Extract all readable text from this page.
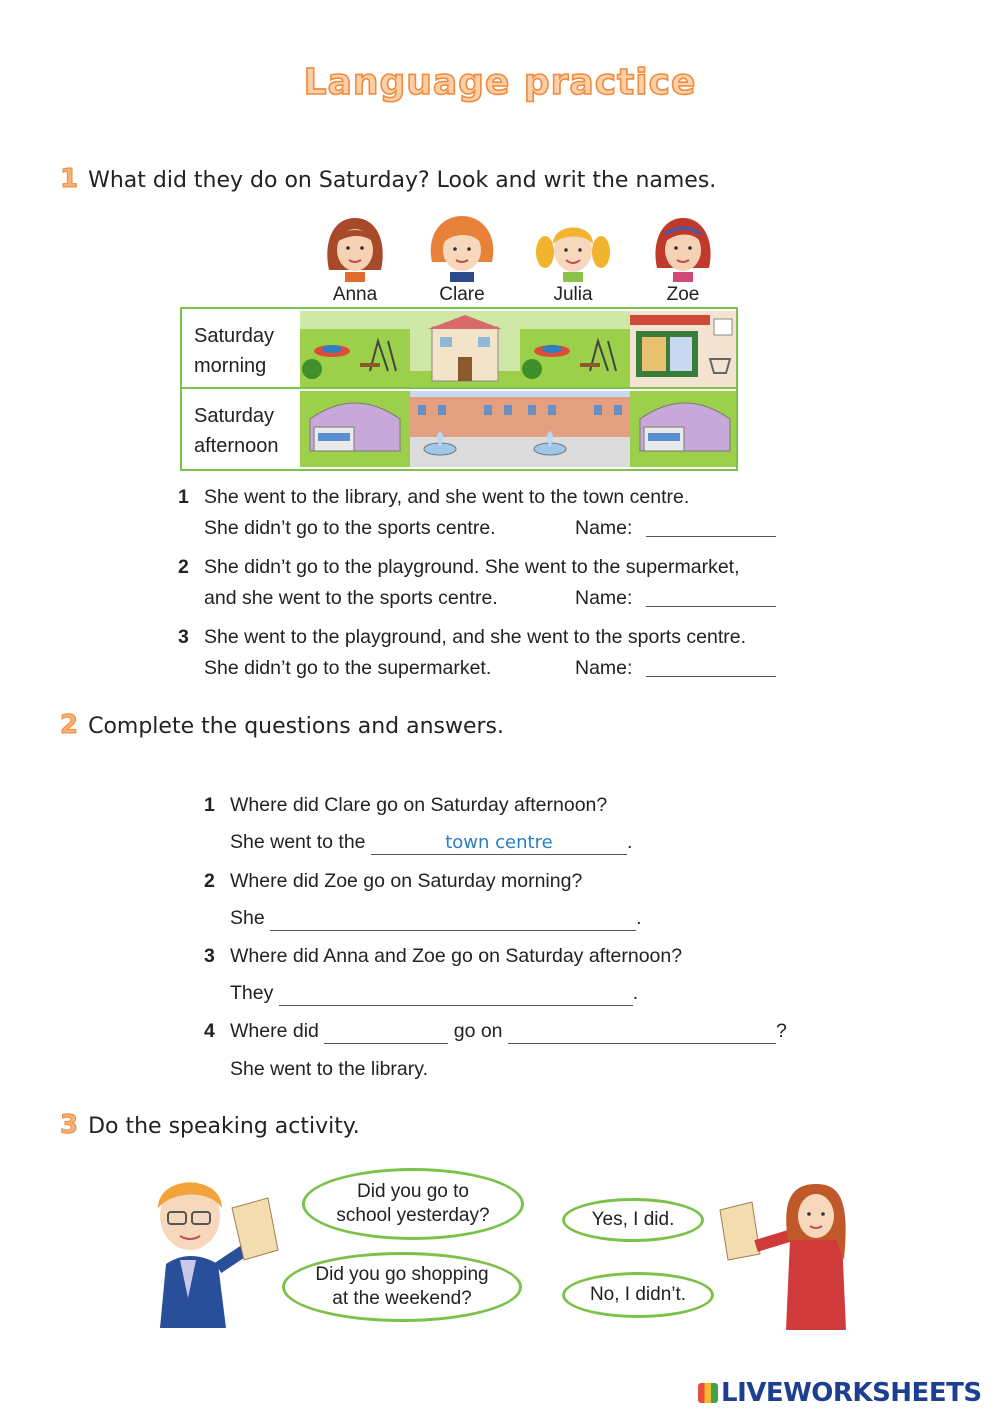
Language practice
1 What did they do on Saturday? Look and writ the names.
Anna	Clare	Julia	Zoe
Saturday
morning
Saturday
afternoon
1 She went to the library, and she went to the town centre.
She didn’t go to the sports centre.	Name:
2 She didn’t go to the playground. She went to the supermarket,
and she went to the sports centre.	Name:
3 She went to the playground, and she went to the sports centre.
She didn’t go to the supermarket.	Name:
2 Complete the questions and answers.
1 Where did Clare go on Saturday afternoon?
She went to the	town centre	.
2 Where did Zoe go on Saturday morning?
She	.
3 Where did Anna and Zoe go on Saturday afternoon?
They	.
4 Where did	go on	?
She went to the library.
3 Do the speaking activity.
Did you go to school yesterday?
Did you go shopping at the weekend?
Yes, I did.
No, I didn’t.
LIVEWORKSHEETS
